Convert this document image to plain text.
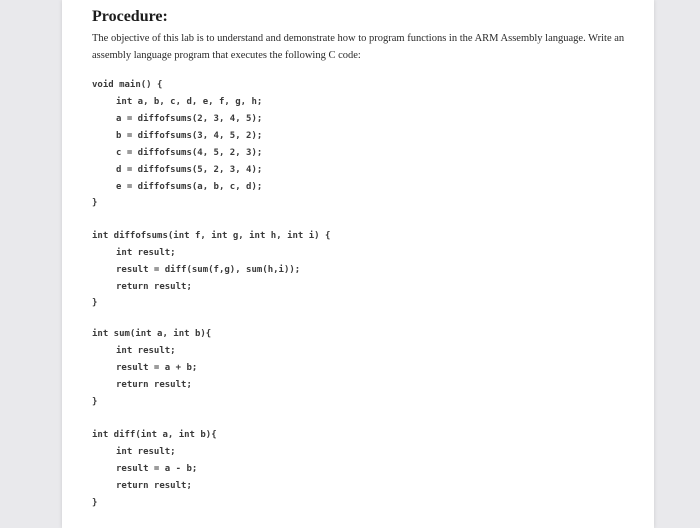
Procedure:
The objective of this lab is to understand and demonstrate how to program functions in the ARM Assembly language. Write an assembly language program that executes the following C code:
void main() {
int a, b, c, d, e, f, g, h;
a = diffofsums(2, 3, 4, 5);
b = diffofsums(3, 4, 5, 2);
c = diffofsums(4, 5, 2, 3);
d = diffofsums(5, 2, 3, 4);
e = diffofsums(a, b, c, d);
}
int diffofsums(int f, int g, int h, int i) {
int result;
result = diff(sum(f,g), sum(h,i));
return result;
}
int sum(int a, int b){
int result;
result = a + b;
return result;
}
int diff(int a, int b){
int result;
result = a - b;
return result;
}
